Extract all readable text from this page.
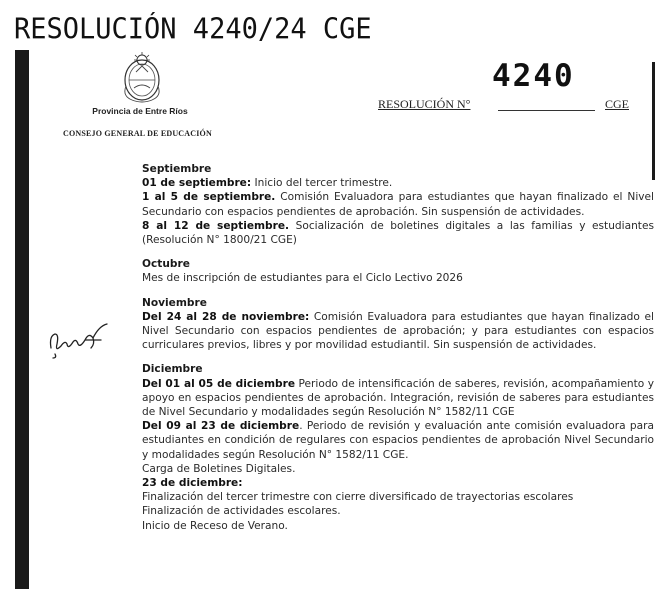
RESOLUCIÓN 4240/24 CGE
Provincia de Entre Ríos
CONSEJO GENERAL DE EDUCACIÓN
4240
RESOLUCIÓN N°	CGE
Septiembre
01 de septiembre: Inicio del tercer trimestre.
1 al 5 de septiembre. Comisión Evaluadora para estudiantes que hayan finalizado el Nivel Secundario con espacios pendientes de aprobación. Sin suspensión de actividades.
8 al 12 de septiembre. Socialización de boletines digitales a las familias y estudiantes (Resolución N° 1800/21 CGE)
Octubre
Mes de inscripción de estudiantes para el Ciclo Lectivo 2026
Noviembre
Del 24 al 28 de noviembre: Comisión Evaluadora para estudiantes que hayan finalizado el Nivel Secundario con espacios pendientes de aprobación; y para estudiantes con espacios curriculares previos, libres y por movilidad estudiantil. Sin suspensión de actividades.
Diciembre
Del 01 al 05 de diciembre Periodo de intensificación de saberes, revisión, acompañamiento y apoyo en espacios pendientes de aprobación. Integración, revisión de saberes para estudiantes de Nivel Secundario y modalidades según Resolución N° 1582/11 CGE
Del 09 al 23 de diciembre. Periodo de revisión y evaluación ante comisión evaluadora para estudiantes en condición de regulares con espacios pendientes de aprobación Nivel Secundario y modalidades según Resolución N° 1582/11 CGE.
Carga de Boletines Digitales.
23 de diciembre:
Finalización del tercer trimestre con cierre diversificado de trayectorias escolares
Finalización de actividades escolares.
Inicio de Receso de Verano.
